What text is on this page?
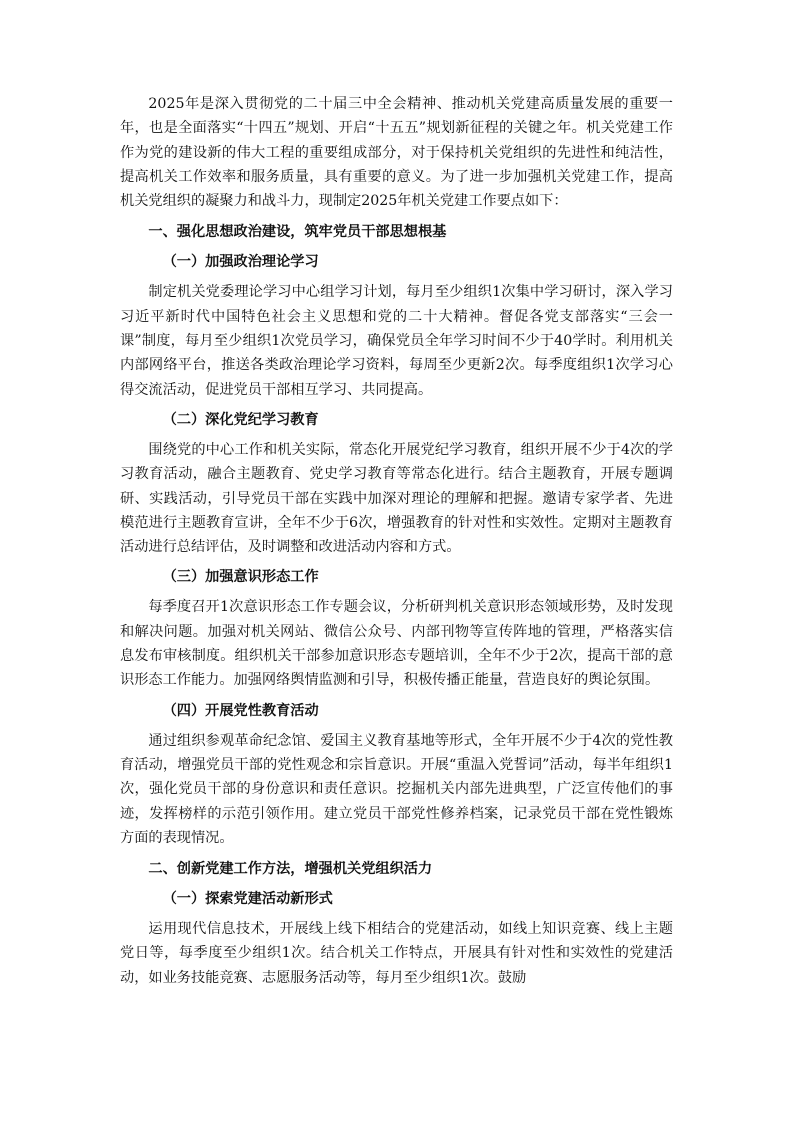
2025年是深入贯彻党的二十届三中全会精神、推动机关党建高质量发展的重要一年，也是全面落实“十四五”规划、开启“十五五”规划新征程的关键之年。机关党建工作作为党的建设新的伟大工程的重要组成部分，对于保持机关党组织的先进性和纯洁性，提高机关工作效率和服务质量，具有重要的意义。为了进一步加强机关党建工作，提高机关党组织的凝聚力和战斗力，现制定2025年机关党建工作要点如下：

一、强化思想政治建设，筑牢党员干部思想根基

（一）加强政治理论学习

制定机关党委理论学习中心组学习计划，每月至少组织1次集中学习研讨，深入学习习近平新时代中国特色社会主义思想和党的二十大精神。督促各党支部落实“三会一课”制度，每月至少组织1次党员学习，确保党员全年学习时间不少于40学时。利用机关内部网络平台，推送各类政治理论学习资料，每周至少更新2次。每季度组织1次学习心得交流活动，促进党员干部相互学习、共同提高。

（二）深化党纪学习教育

围绕党的中心工作和机关实际，常态化开展党纪学习教育，组织开展不少于4次的学习教育活动，融合主题教育、党史学习教育等常态化进行。结合主题教育，开展专题调研、实践活动，引导党员干部在实践中加深对理论的理解和把握。邀请专家学者、先进模范进行主题教育宣讲，全年不少于6次，增强教育的针对性和实效性。定期对主题教育活动进行总结评估，及时调整和改进活动内容和方式。

（三）加强意识形态工作

每季度召开1次意识形态工作专题会议，分析研判机关意识形态领域形势，及时发现和解决问题。加强对机关网站、微信公众号、内部刊物等宣传阵地的管理，严格落实信息发布审核制度。组织机关干部参加意识形态专题培训，全年不少于2次，提高干部的意识形态工作能力。加强网络舆情监测和引导，积极传播正能量，营造良好的舆论氛围。

（四）开展党性教育活动

通过组织参观革命纪念馆、爱国主义教育基地等形式，全年开展不少于4次的党性教育活动，增强党员干部的党性观念和宗旨意识。开展“重温入党誓词”活动，每半年组织1次，强化党员干部的身份意识和责任意识。挖掘机关内部先进典型，广泛宣传他们的事迹，发挥榜样的示范引领作用。建立党员干部党性修养档案，记录党员干部在党性锻炼方面的表现情况。

二、创新党建工作方法，增强机关党组织活力

（一）探索党建活动新形式

运用现代信息技术，开展线上线下相结合的党建活动，如线上知识竞赛、线上主题党日等，每季度至少组织1次。结合机关工作特点，开展具有针对性和实效性的党建活动，如业务技能竞赛、志愿服务活动等，每月至少组织1次。鼓励
